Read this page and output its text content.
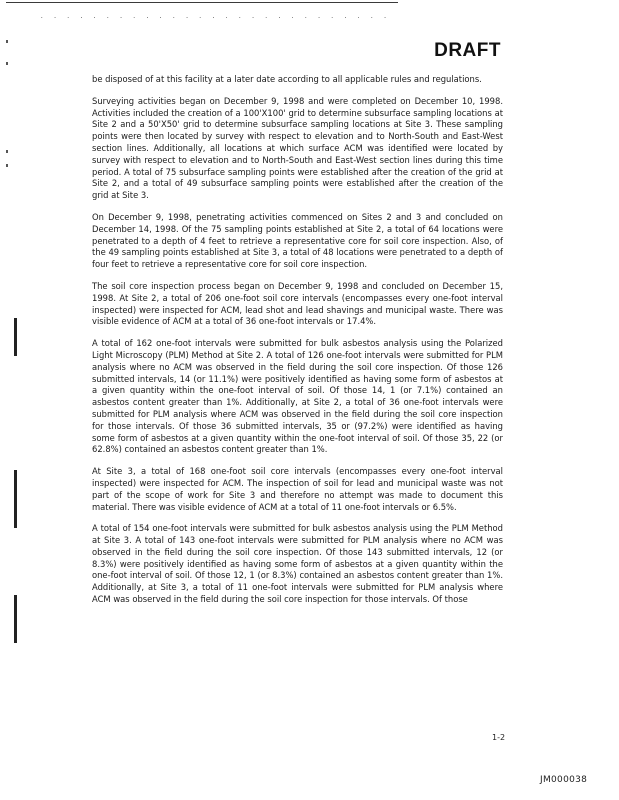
. . . . . . . . . . . . . . . . . . . . . . . . . . .
DRAFT

be disposed of at this facility at a later date according to all applicable rules and regulations.

Surveying activities began on December 9, 1998 and were completed on December 10, 1998. Activities included the creation of a 100'X100' grid to determine subsurface sampling locations at Site 2 and a 50'X50' grid to determine subsurface sampling locations at Site 3. These sampling points were then located by survey with respect to elevation and to North-South and East-West section lines. Additionally, all locations at which surface ACM was identified were located by survey with respect to elevation and to North-South and East-West section lines during this time period. A total of 75 subsurface sampling points were established after the creation of the grid at Site 2, and a total of 49 subsurface sampling points were established after the creation of the grid at Site 3.

On December 9, 1998, penetrating activities commenced on Sites 2 and 3 and concluded on December 14, 1998. Of the 75 sampling points established at Site 2, a total of 64 locations were penetrated to a depth of 4 feet to retrieve a representative core for soil core inspection. Also, of the 49 sampling points established at Site 3, a total of 48 locations were penetrated to a depth of four feet to retrieve a representative core for soil core inspection.

The soil core inspection process began on December 9, 1998 and concluded on December 15, 1998. At Site 2, a total of 206 one-foot soil core intervals (encompasses every one-foot interval inspected) were inspected for ACM, lead shot and lead shavings and municipal waste. There was visible evidence of ACM at a total of 36 one-foot intervals or 17.4%.

A total of 162 one-foot intervals were submitted for bulk asbestos analysis using the Polarized Light Microscopy (PLM) Method at Site 2. A total of 126 one-foot intervals were submitted for PLM analysis where no ACM was observed in the field during the soil core inspection. Of those 126 submitted intervals, 14 (or 11.1%) were positively identified as having some form of asbestos at a given quantity within the one-foot interval of soil. Of those 14, 1 (or 7.1%) contained an asbestos content greater than 1%. Additionally, at Site 2, a total of 36 one-foot intervals were submitted for PLM analysis where ACM was observed in the field during the soil core inspection for those intervals. Of those 36 submitted intervals, 35 or (97.2%) were identified as having some form of asbestos at a given quantity within the one-foot interval of soil. Of those 35, 22 (or 62.8%) contained an asbestos content greater than 1%.

At Site 3, a total of 168 one-foot soil core intervals (encompasses every one-foot interval inspected) were inspected for ACM. The inspection of soil for lead and municipal waste was not part of the scope of work for Site 3 and therefore no attempt was made to document this material. There was visible evidence of ACM at a total of 11 one-foot intervals or 6.5%.

A total of 154 one-foot intervals were submitted for bulk asbestos analysis using the PLM Method at Site 3. A total of 143 one-foot intervals were submitted for PLM analysis where no ACM was observed in the field during the soil core inspection. Of those 143 submitted intervals, 12 (or 8.3%) were positively identified as having some form of asbestos at a given quantity within the one-foot interval of soil. Of those 12, 1 (or 8.3%) contained an asbestos content greater than 1%. Additionally, at Site 3, a total of 11 one-foot intervals were submitted for PLM analysis where ACM was observed in the field during the soil core inspection for those intervals. Of those

1-2
JM000038
